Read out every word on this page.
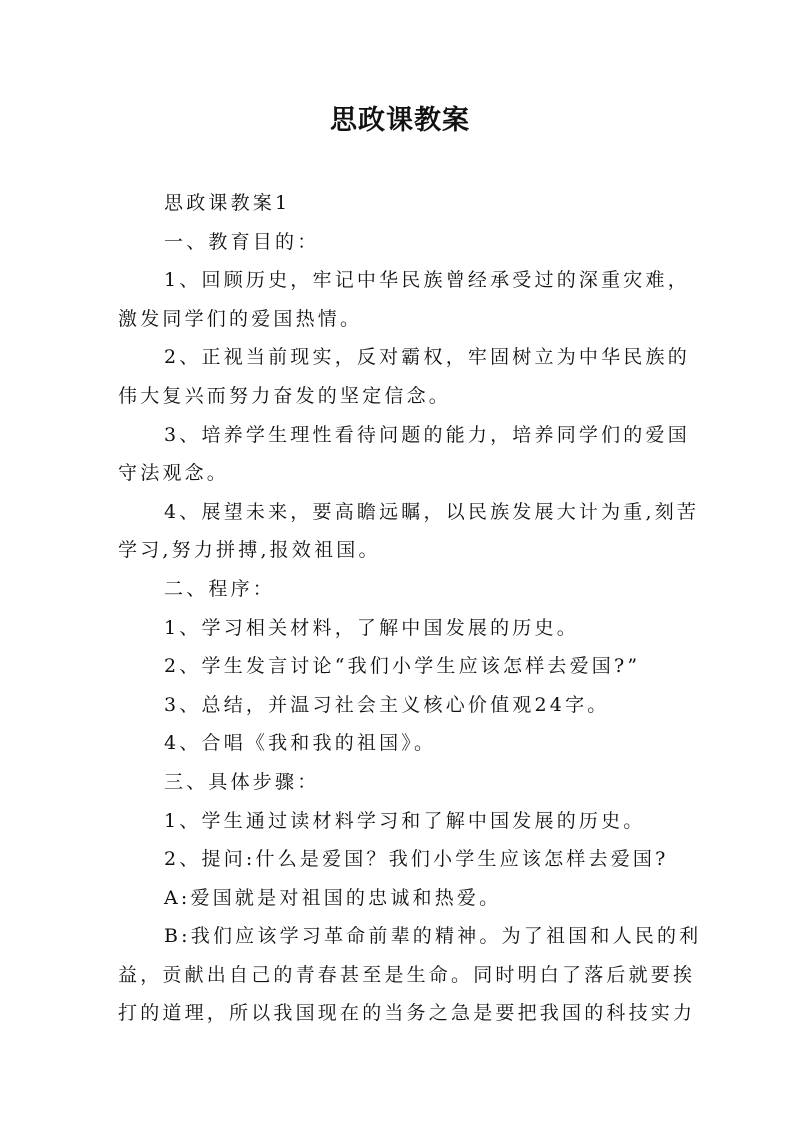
思政课教案

思政课教案1

一、教育目的：

1、回顾历史，牢记中华民族曾经承受过的深重灾难，

激发同学们的爱国热情。

2、正视当前现实，反对霸权，牢固树立为中华民族的

伟大复兴而努力奋发的坚定信念。

3、培养学生理性看待问题的能力，培养同学们的爱国

守法观念。

4、展望未来，要高瞻远瞩，以民族发展大计为重,刻苦

学习,努力拼搏,报效祖国。

二、程序：

1、学习相关材料，了解中国发展的历史。

2、学生发言讨论“我们小学生应该怎样去爱国?”

3、总结，并温习社会主义核心价值观24字。

4、合唱《我和我的祖国》。

三、具体步骤：

1、学生通过读材料学习和了解中国发展的历史。

2、提问:什么是爱国？我们小学生应该怎样去爱国?

A:爱国就是对祖国的忠诚和热爱。

B:我们应该学习革命前辈的精神。为了祖国和人民的利

益，贡献出自己的青春甚至是生命。同时明白了落后就要挨

打的道理，所以我国现在的当务之急是要把我国的科技实力
